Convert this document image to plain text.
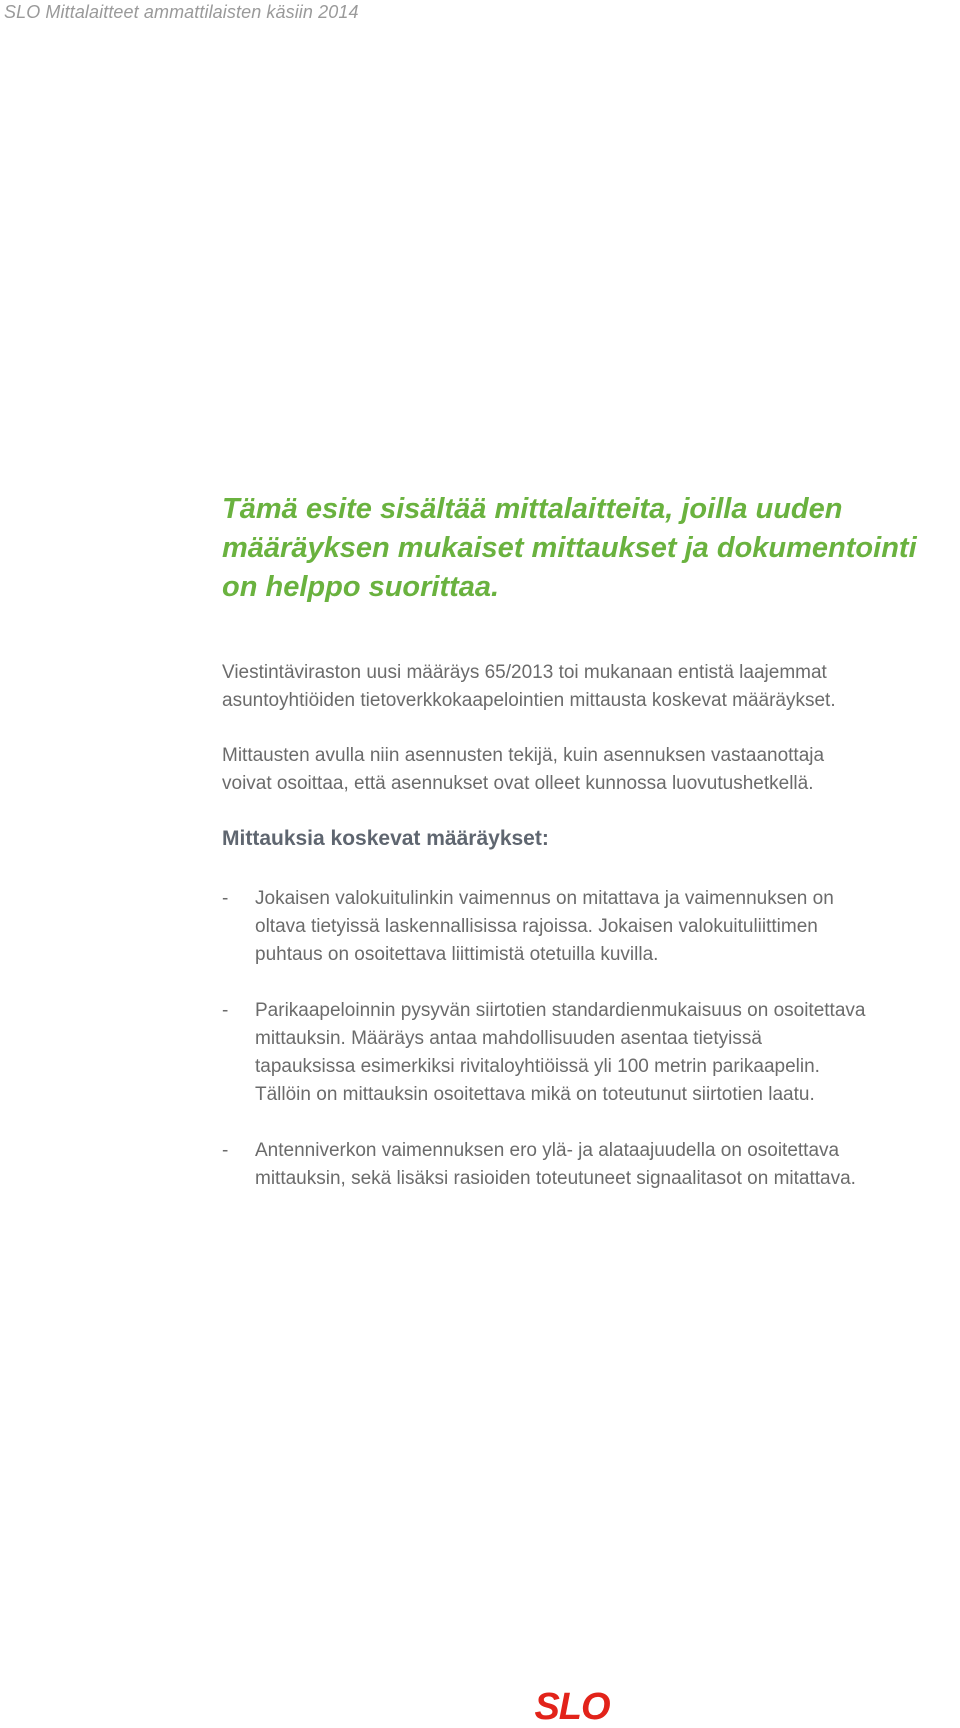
SLO Mittalaitteet ammattilaisten käsiin 2014
Tämä esite sisältää mittalaitteita, joilla uuden
määräyksen mukaiset mittaukset ja dokumentointi
on helppo suorittaa.

Viestintäviraston uusi määräys 65/2013 toi mukanaan entistä laajemmat
asuntoyhtiöiden tietoverkkokaapelointien mittausta koskevat määräykset.

Mittausten avulla niin asennusten tekijä, kuin asennuksen vastaanottaja
voivat osoittaa, että asennukset ovat olleet kunnossa luovutushetkellä.

Mittauksia koskevat määräykset:
- Jokaisen valokuitulinkin vaimennus on mitattava ja vaimennuksen on
oltava tietyissä laskennallisissa rajoissa. Jokaisen valokuituliittimen
puhtaus on osoitettava liittimistä otetuilla kuvilla.
- Parikaapeloinnin pysyvän siirtotien standardienmukaisuus on osoitettava
mittauksin. Määräys antaa mahdollisuuden asentaa tietyissä
tapauksissa esimerkiksi rivitaloyhtiöissä yli 100 metrin parikaapelin.
Tällöin on mittauksin osoitettava mikä on toteutunut siirtotien laatu.
- Antenniverkon vaimennuksen ero ylä- ja alataajuudella on osoitettava
mittauksin, sekä lisäksi rasioiden toteutuneet signaalitasot on mitattava.
SLO
